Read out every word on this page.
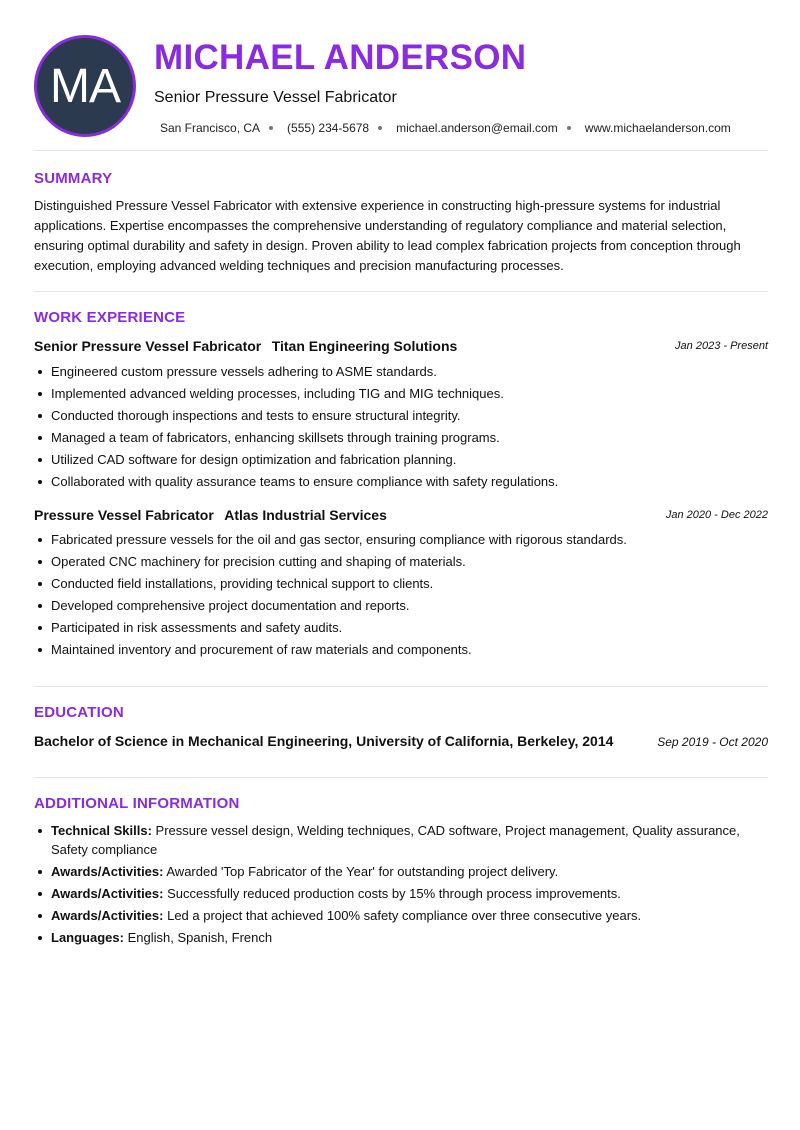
MA
MICHAEL ANDERSON
Senior Pressure Vessel Fabricator
San Francisco, CA (555) 234-5678 michael.anderson@email.com www.michaelanderson.com
SUMMARY
Distinguished Pressure Vessel Fabricator with extensive experience in constructing high-pressure systems for industrial applications. Expertise encompasses the comprehensive understanding of regulatory compliance and material selection, ensuring optimal durability and safety in design. Proven ability to lead complex fabrication projects from conception through execution, employing advanced welding techniques and precision manufacturing processes.
WORK EXPERIENCE
Senior Pressure Vessel Fabricator Titan Engineering Solutions	Jan 2023 - Present
Engineered custom pressure vessels adhering to ASME standards.
Implemented advanced welding processes, including TIG and MIG techniques.
Conducted thorough inspections and tests to ensure structural integrity.
Managed a team of fabricators, enhancing skillsets through training programs.
Utilized CAD software for design optimization and fabrication planning.
Collaborated with quality assurance teams to ensure compliance with safety regulations.
Pressure Vessel Fabricator Atlas Industrial Services	Jan 2020 - Dec 2022
Fabricated pressure vessels for the oil and gas sector, ensuring compliance with rigorous standards.
Operated CNC machinery for precision cutting and shaping of materials.
Conducted field installations, providing technical support to clients.
Developed comprehensive project documentation and reports.
Participated in risk assessments and safety audits.
Maintained inventory and procurement of raw materials and components.
EDUCATION
Bachelor of Science in Mechanical Engineering, University of California, Berkeley, 2014	Sep 2019 - Oct 2020
ADDITIONAL INFORMATION
Technical Skills: Pressure vessel design, Welding techniques, CAD software, Project management, Quality assurance, Safety compliance
Awards/Activities: Awarded 'Top Fabricator of the Year' for outstanding project delivery.
Awards/Activities: Successfully reduced production costs by 15% through process improvements.
Awards/Activities: Led a project that achieved 100% safety compliance over three consecutive years.
Languages: English, Spanish, French
